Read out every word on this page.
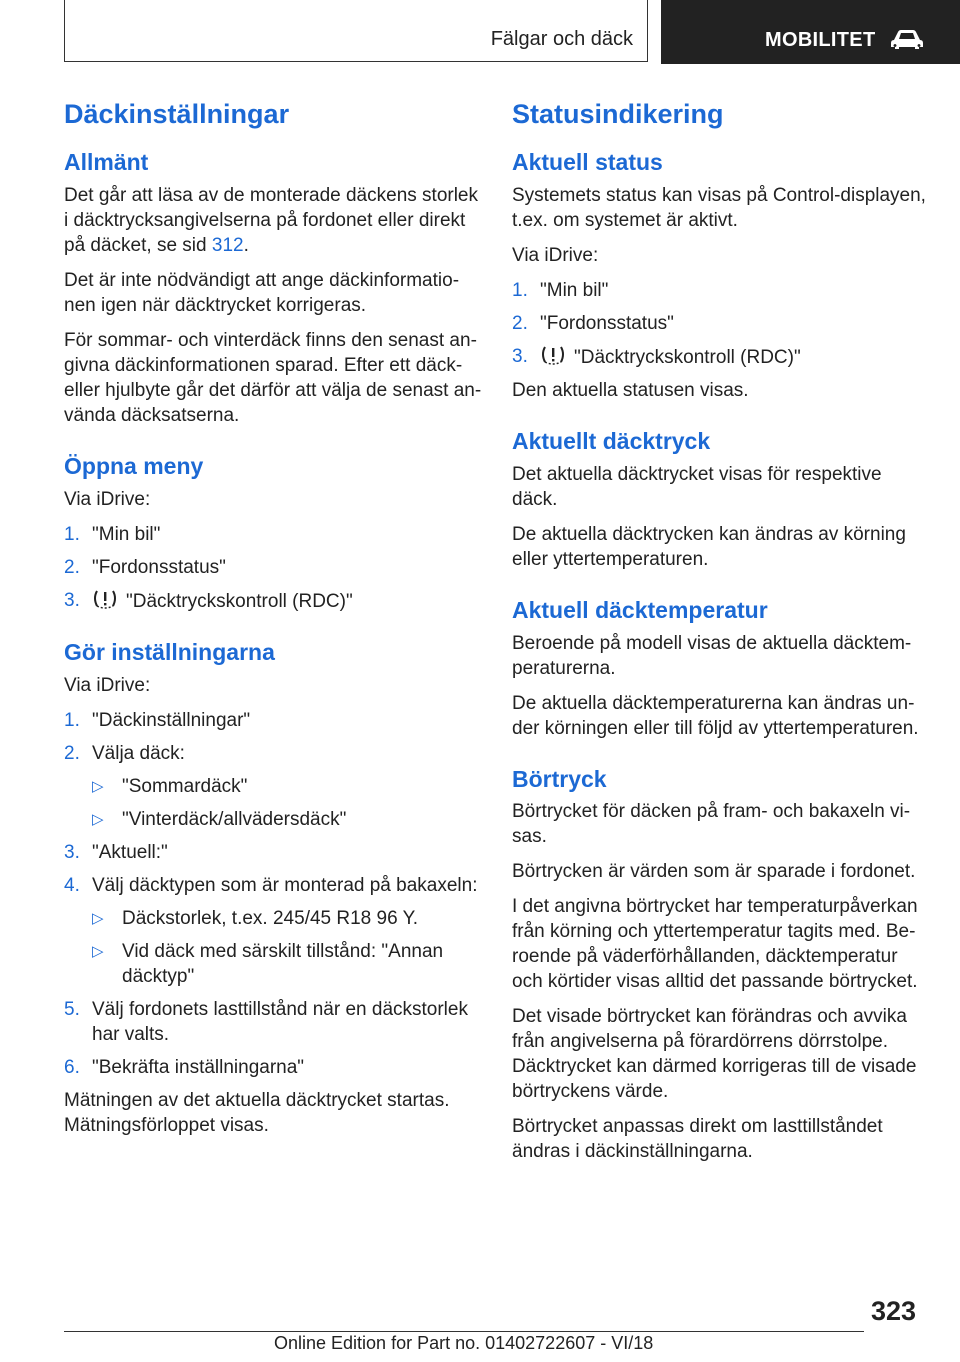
Fälgar och däck	MOBILITET
Däckinställningar
Allmänt

Det går att läsa av de monterade däckens storlek i däcktrycksangivelserna på fordonet eller direkt på däcket, se sid 312.

Det är inte nödvändigt att ange däckinformationen igen när däcktrycket korrigeras.

För sommar- och vinterdäck finns den senast angivna däckinformationen sparad. Efter ett däck- eller hjulbyte går det därför att välja de senast använda däcksatserna.

Öppna meny

Via iDrive:

1. "Min bil"
2. "Fordonsstatus"
3. "Däcktryckskontroll (RDC)"
Gör inställningarna

Via iDrive:

1. "Däckinställningar"
2. Välja däck:
▷ "Sommardäck"
▷ "Vinterdäck/allvädersdäck"
3. "Aktuell:"
4. Välj däcktypen som är monterad på bakaxeln:
▷ Däckstorlek, t.ex. 245/45 R18 96 Y.
▷ Vid däck med särskilt tillstånd: "Annan däcktyp"
5. Välj fordonets lasttillstånd när en däckstorlek har valts.
6. "Bekräfta inställningarna"

Mätningen av det aktuella däcktrycket startas. Mätningsförloppet visas.

Statusindikering
Aktuell status

Systemets status kan visas på Control-displayen, t.ex. om systemet är aktivt.

Via iDrive:

1. "Min bil"
2. "Fordonsstatus"
3. "Däcktryckskontroll (RDC)"

Den aktuella statusen visas.

Aktuellt däcktryck

Det aktuella däcktrycket visas för respektive däck.

De aktuella däcktrycken kan ändras av körning eller yttertemperaturen.

Aktuell däcktemperatur

Beroende på modell visas de aktuella däcktemperaturerna.

De aktuella däcktemperaturerna kan ändras under körningen eller till följd av yttertemperaturen.

Börtryck

Börtrycket för däcken på fram- och bakaxeln visas.

Börtrycken är värden som är sparade i fordonet.

I det angivna börtrycket har temperaturpåverkan från körning och yttertemperatur tagits med. Beroende på väderförhållanden, däcktemperatur och körtider visas alltid det passande börtrycket.

Det visade börtrycket kan förändras och avvika från angivelserna på förardörrens dörrstolpe. Däcktrycket kan därmed korrigeras till de visade börtryckens värde.

Börtrycket anpassas direkt om lasttillståndet ändras i däckinställningarna.

323
Online Edition for Part no. 01402722607 - VI/18
